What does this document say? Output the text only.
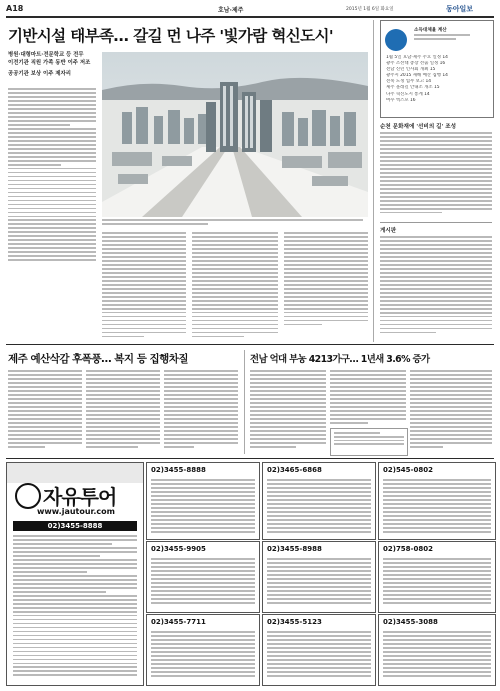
A18	호남·제주	2015년 1월 6일 화요일	동아일보
기반시설 태부족… 갈길 먼 나주 '빛가람 혁신도시'
병원·대형마트·전문학교 등 전무
이전기관 직원 가족 동반 이주 저조
공공기관 보상 이주 제자리
소득대체율 계산
1월 5일 호남·제주 주요 일정 14
광주 조선대 총장 선출 일정 16
전남 신년 인사회 개최 15
광주시 2015 새해 예산 집행 14
전북 도정 업무 보고 14
제주 올레길 안내소 개소 15
나주 혁신도시 통계 14
여수 엑스포 16
순천 문화재에 '선비의 길' 조성
게시판
제주 예산삭감 후폭풍… 복지 등 집행차질	전남 억대 부농 4213가구… 1년새 3.6% 증가
자유투어
www.jautour.com
02)3455-8888
02)3455-8888	02)3465-6868	02)545-0802
02)3455-9905	02)3455-8988	02)758-0802
02)3455-7711	02)3455-5123	02)3455-3088
